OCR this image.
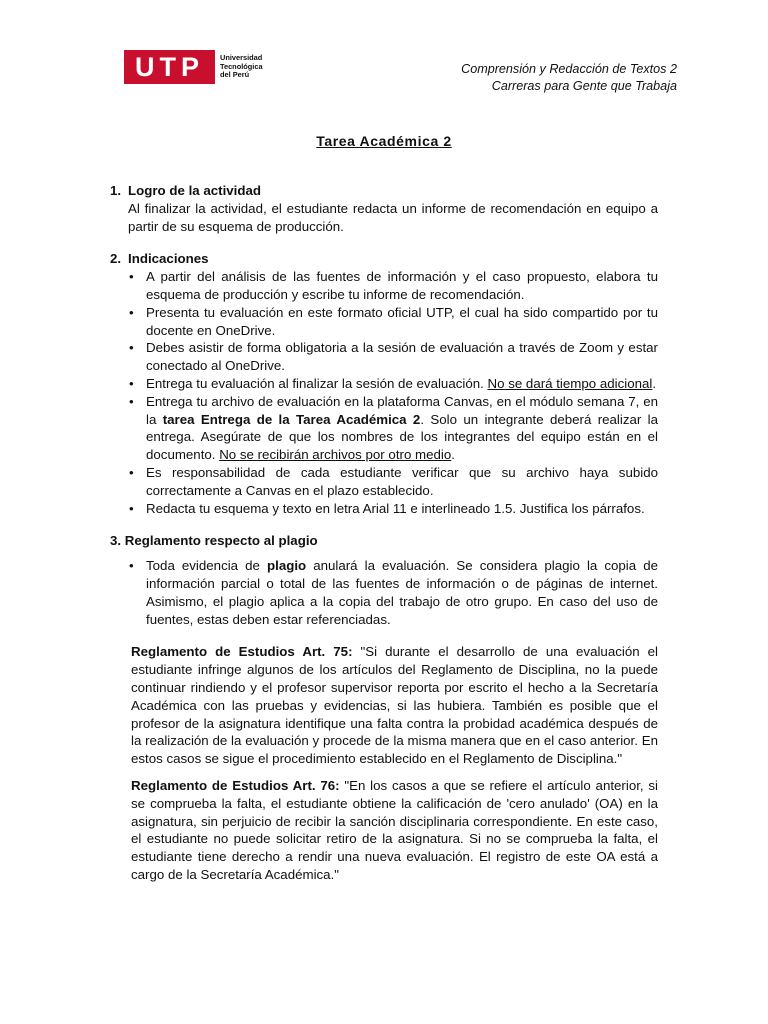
UTP	Universidad
Tecnológica
del Perú	Comprensión y Redacción de Textos 2
Carreras para Gente que Trabaja
Tarea Académica 2
1. Logro de la actividad
Al finalizar la actividad, el estudiante redacta un informe de recomendación en equipo a partir de su esquema de producción.
2. Indicaciones
• A partir del análisis de las fuentes de información y el caso propuesto, elabora tu esquema de producción y escribe tu informe de recomendación.
• Presenta tu evaluación en este formato oficial UTP, el cual ha sido compartido por tu docente en OneDrive.
• Debes asistir de forma obligatoria a la sesión de evaluación a través de Zoom y estar conectado al OneDrive.
• Entrega tu evaluación al finalizar la sesión de evaluación. No se dará tiempo adicional.
• Entrega tu archivo de evaluación en la plataforma Canvas, en el módulo semana 7, en la tarea Entrega de la Tarea Académica 2. Solo un integrante deberá realizar la entrega. Asegúrate de que los nombres de los integrantes del equipo están en el documento. No se recibirán archivos por otro medio.
• Es responsabilidad de cada estudiante verificar que su archivo haya subido correctamente a Canvas en el plazo establecido.
• Redacta tu esquema y texto en letra Arial 11 e interlineado 1.5. Justifica los párrafos.
3. Reglamento respecto al plagio
• Toda evidencia de plagio anulará la evaluación. Se considera plagio la copia de información parcial o total de las fuentes de información o de páginas de internet. Asimismo, el plagio aplica a la copia del trabajo de otro grupo. En caso del uso de fuentes, estas deben estar referenciadas.
Reglamento de Estudios Art. 75: "Si durante el desarrollo de una evaluación el estudiante infringe algunos de los artículos del Reglamento de Disciplina, no la puede continuar rindiendo y el profesor supervisor reporta por escrito el hecho a la Secretaría Académica con las pruebas y evidencias, si las hubiera. También es posible que el profesor de la asignatura identifique una falta contra la probidad académica después de la realización de la evaluación y procede de la misma manera que en el caso anterior. En estos casos se sigue el procedimiento establecido en el Reglamento de Disciplina."
Reglamento de Estudios Art. 76: "En los casos a que se refiere el artículo anterior, si se comprueba la falta, el estudiante obtiene la calificación de 'cero anulado' (OA) en la asignatura, sin perjuicio de recibir la sanción disciplinaria correspondiente. En este caso, el estudiante no puede solicitar retiro de la asignatura. Si no se comprueba la falta, el estudiante tiene derecho a rendir una nueva evaluación. El registro de este OA está a cargo de la Secretaría Académica."
